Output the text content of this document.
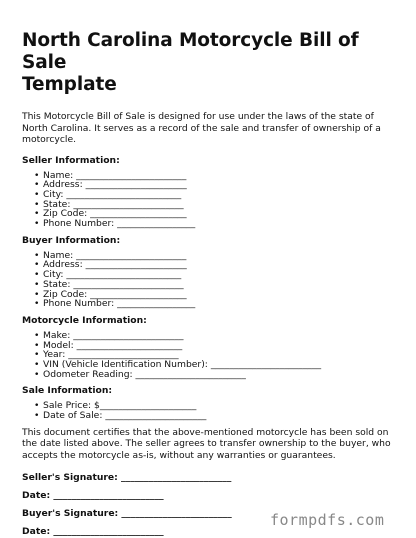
North Carolina Motorcycle Bill of Sale
Template

This Motorcycle Bill of Sale is designed for use under the laws of the state of North Carolina. It serves as a record of the sale and transfer of ownership of a motorcycle.

Seller Information:
• Name: ________________________
• Address: ______________________
• City: _________________________
• State: ________________________
• Zip Code: _____________________
• Phone Number: _________________
Buyer Information:
• Name: ________________________
• Address: ______________________
• City: _________________________
• State: ________________________
• Zip Code: _____________________
• Phone Number: _________________
Motorcycle Information:
• Make: ________________________
• Model: _______________________
• Year: ________________________
• VIN (Vehicle Identification Number): ________________________
• Odometer Reading: ________________________
Sale Information:
• Sale Price: $_____________________
• Date of Sale: ______________________

This document certifies that the above-mentioned motorcycle has been sold on the date listed above. The seller agrees to transfer ownership to the buyer, who accepts the motorcycle as-is, without any warranties or guarantees.

Seller's Signature: ________________________
Date: ________________________
Buyer's Signature: ________________________
Date: ________________________
formpdfs.com
